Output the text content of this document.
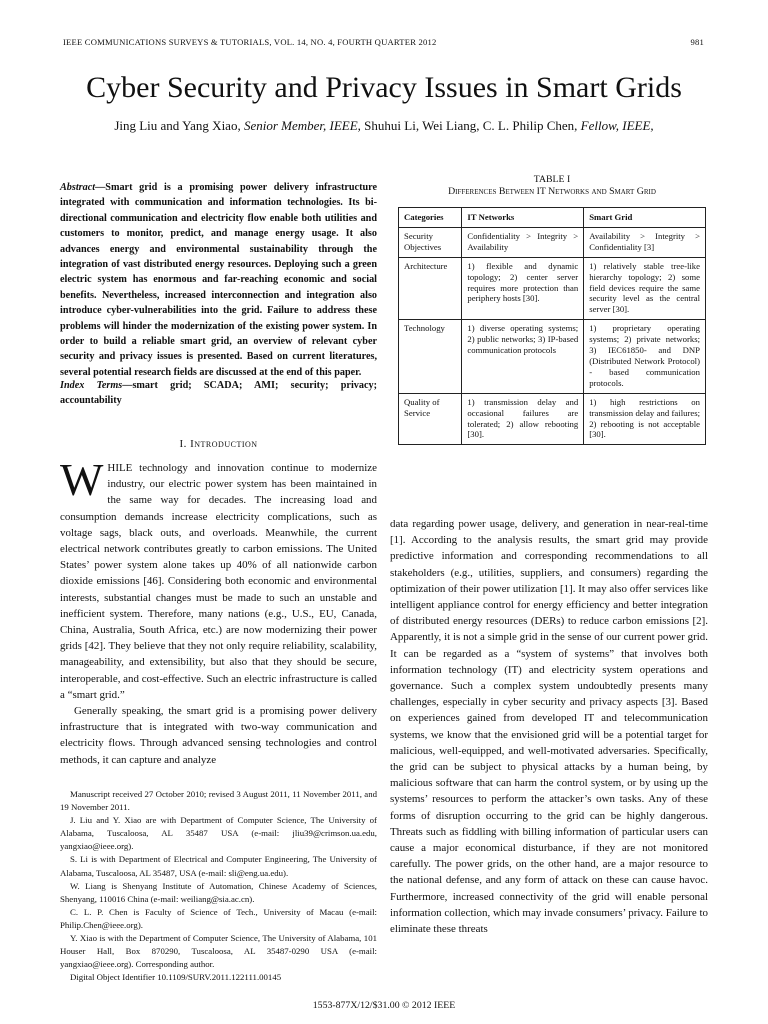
IEEE COMMUNICATIONS SURVEYS & TUTORIALS, VOL. 14, NO. 4, FOURTH QUARTER 2012	981
Cyber Security and Privacy Issues in Smart Grids
Jing Liu and Yang Xiao, Senior Member, IEEE, Shuhui Li, Wei Liang, C. L. Philip Chen, Fellow, IEEE,
Abstract—Smart grid is a promising power delivery infrastructure integrated with communication and information technologies. Its bi-directional communication and electricity flow enable both utilities and customers to monitor, predict, and manage energy usage. It also advances energy and environmental sustainability through the integration of vast distributed energy resources. Deploying such a green electric system has enormous and far-reaching economic and social benefits. Nevertheless, increased interconnection and integration also introduce cyber-vulnerabilities into the grid. Failure to address these problems will hinder the modernization of the existing power system. In order to build a reliable smart grid, an overview of relevant cyber security and privacy issues is presented. Based on current literatures, several potential research fields are discussed at the end of this paper.
Index Terms—smart grid; SCADA; AMI; security; privacy; accountability
I. Introduction

WHILE technology and innovation continue to modernize industry, our electric power system has been maintained in the same way for decades. The increasing load and consumption demands increase electricity complications, such as voltage sags, black outs, and overloads. Meanwhile, the current electrical network contributes greatly to carbon emissions. The United States’ power system alone takes up 40% of all nationwide carbon dioxide emissions [46]. Considering both economic and environmental interests, substantial changes must be made to such an unstable and inefficient system. Therefore, many nations (e.g., U.S., EU, Canada, China, Australia, South Africa, etc.) are now modernizing their power grids [42]. They believe that they not only require reliability, scalability, manageability, and extensibility, but also that they should be secure, interoperable, and cost-effective. Such an electric infrastructure is called a “smart grid.”

Generally speaking, the smart grid is a promising power delivery infrastructure that is integrated with two-way communication and electricity flows. Through advanced sensing technologies and control methods, it can capture and analyze

Manuscript received 27 October 2010; revised 3 August 2011, 11 November 2011, and 19 November 2011.

J. Liu and Y. Xiao are with Department of Computer Science, The University of Alabama, Tuscaloosa, AL 35487 USA (e-mail: jliu39@crimson.ua.edu, yangxiao@ieee.org).

S. Li is with Department of Electrical and Computer Engineering, The University of Alabama, Tuscaloosa, AL 35487, USA (e-mail: sli@eng.ua.edu).

W. Liang is Shenyang Institute of Automation, Chinese Academy of Sciences, Shenyang, 110016 China (e-mail: weiliang@sia.ac.cn).

C. L. P. Chen is Faculty of Science of Tech., University of Macau (e-mail: Philip.Chen@ieee.org).

Y. Xiao is with the Department of Computer Science, The University of Alabama, 101 Houser Hall, Box 870290, Tuscaloosa, AL 35487-0290 USA (e-mail: yangxiao@ieee.org). Corresponding author.

Digital Object Identifier 10.1109/SURV.2011.122111.00145

TABLE I
Differences Between IT Networks and Smart Grid
Categories	IT Networks	Smart Grid
Security Objectives	Confidentiality > Integrity > Availability	Availability > Integrity > Confidentiality [3]
Architecture	1) flexible and dynamic topology; 2) center server requires more protection than periphery hosts [30].	1) relatively stable tree-like hierarchy topology; 2) some field devices require the same security level as the central server [30].
Technology	1) diverse operating systems; 2) public networks; 3) IP-based communication protocols	1) proprietary operating systems; 2) private networks; 3) IEC61850- and DNP (Distributed Network Protocol) - based communication protocols.
Quality of Service	1) transmission delay and occasional failures are tolerated; 2) allow rebooting [30].	1) high restrictions on transmission delay and failures; 2) rebooting is not acceptable [30].

data regarding power usage, delivery, and generation in near-real-time [1]. According to the analysis results, the smart grid may provide predictive information and corresponding recommendations to all stakeholders (e.g., utilities, suppliers, and consumers) regarding the optimization of their power utilization [1]. It may also offer services like intelligent appliance control for energy efficiency and better integration of distributed energy resources (DERs) to reduce carbon emissions [2]. Apparently, it is not a simple grid in the sense of our current power grid. It can be regarded as a “system of systems” that involves both information technology (IT) and electricity system operations and governance. Such a complex system undoubtedly presents many challenges, especially in cyber security and privacy aspects [3]. Based on experiences gained from developed IT and telecommunication systems, we know that the envisioned grid will be a potential target for malicious, well-equipped, and well-motivated adversaries. Specifically, the grid can be subject to physical attacks by a human being, by malicious software that can harm the control system, or by using up the systems’ resources to perform the attacker’s own tasks. Any of these forms of disruption occurring to the grid can be highly dangerous. Threats such as fiddling with billing information of particular users can cause a major economical disturbance, if they are not monitored carefully. The power grids, on the other hand, are a major resource to the national defense, and any form of attack on these can cause havoc. Furthermore, increased connectivity of the grid will enable personal information collection, which may invade consumers’ privacy. Failure to eliminate these threats

1553-877X/12/$31.00 © 2012 IEEE
